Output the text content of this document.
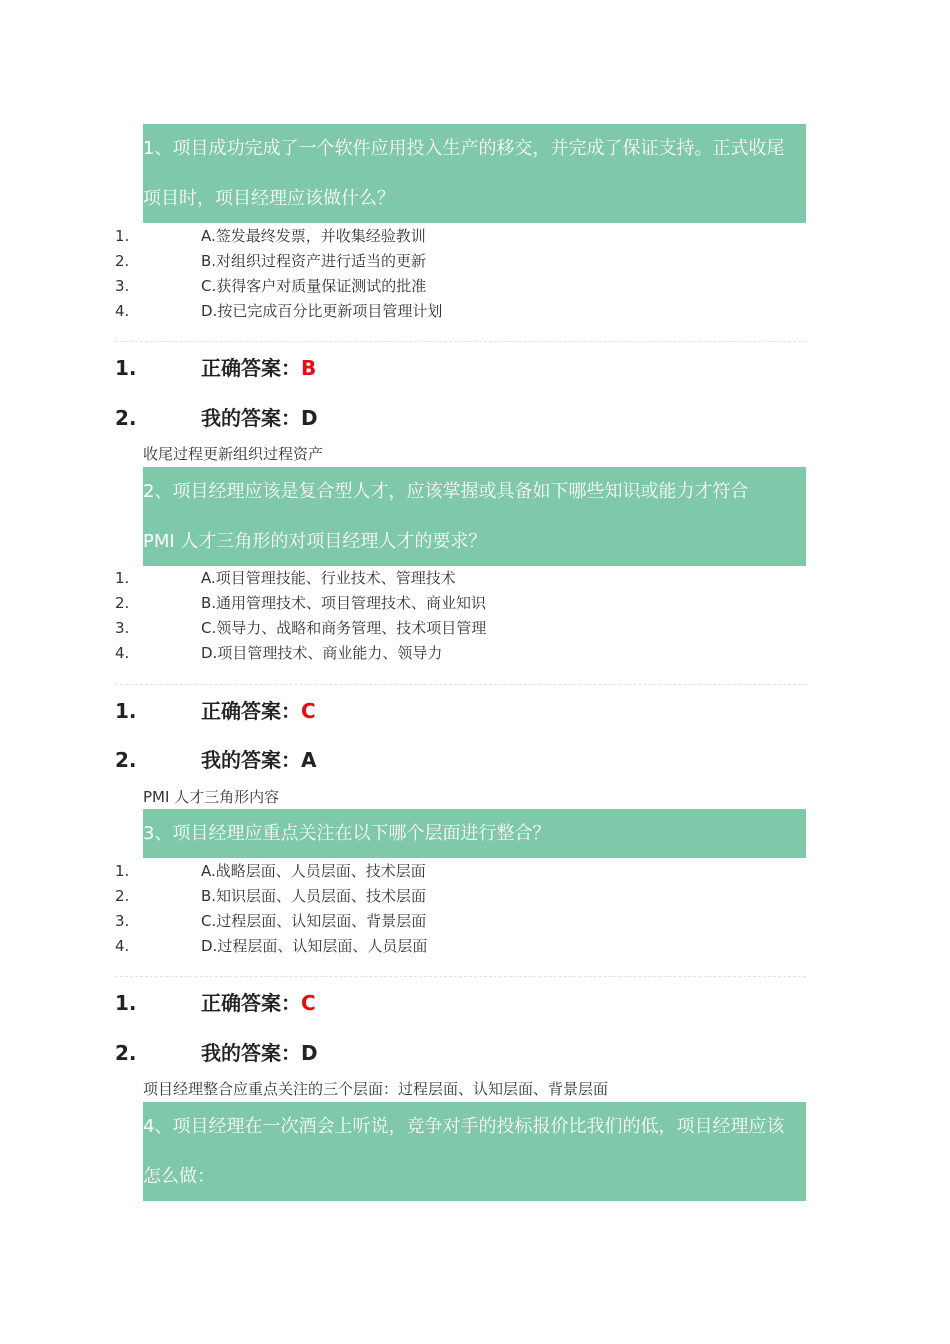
1、项目成功完成了一个软件应用投入生产的移交，并完成了保证支持。正式收尾
项目时，项目经理应该做什么？
1.	A.签发最终发票，并收集经验教训
2.	B.对组织过程资产进行适当的更新
3.	C.获得客户对质量保证测试的批准
4.	D.按已完成百分比更新项目管理计划
1.	正确答案：B
2.	我的答案：D
收尾过程更新组织过程资产
2、项目经理应该是复合型人才，应该掌握或具备如下哪些知识或能力才符合
PMI 人才三角形的对项目经理人才的要求？
1.	A.项目管理技能、行业技术、管理技术
2.	B.通用管理技术、项目管理技术、商业知识
3.	C.领导力、战略和商务管理、技术项目管理
4.	D.项目管理技术、商业能力、领导力
1.	正确答案：C
2.	我的答案：A
PMI 人才三角形内容
3、项目经理应重点关注在以下哪个层面进行整合？
1.	A.战略层面、人员层面、技术层面
2.	B.知识层面、人员层面、技术层面
3.	C.过程层面、认知层面、背景层面
4.	D.过程层面、认知层面、人员层面
1.	正确答案：C
2.	我的答案：D
项目经理整合应重点关注的三个层面：过程层面、认知层面、背景层面
4、项目经理在一次酒会上听说，竞争对手的投标报价比我们的低，项目经理应该
怎么做：
